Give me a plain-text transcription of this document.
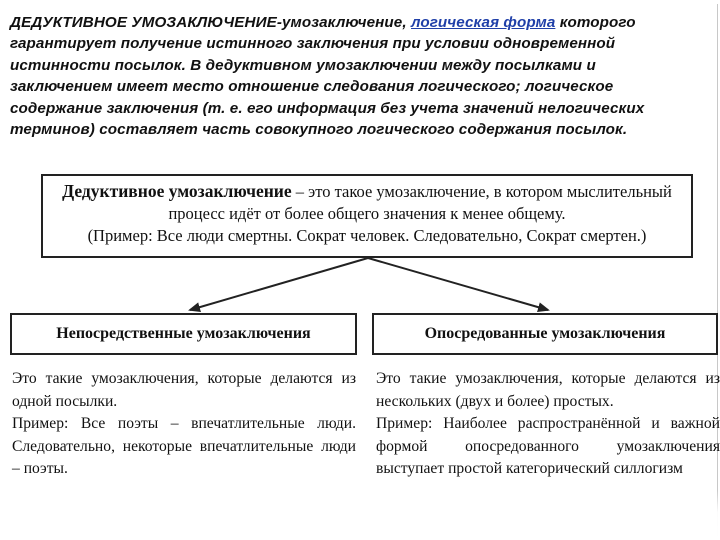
ДЕДУКТИВНОЕ УМОЗАКЛЮЧЕНИЕ-умозаключение, логическая форма которого гарантирует получение истинного заключения при условии одновременной истинности посылок. В дедуктивном умозаключении между посылками и заключением имеет место отношение следования логического; логическое содержание заключения (т. е. его информация без учета значений нелогических терминов) составляет часть совокупного логического содержания посылок.
Дедуктивное умозаключение – это такое умозаключение, в котором мыслительный процесс идёт от более общего значения к менее общему.
(Пример: Все люди смертны. Сократ человек. Следовательно, Сократ смертен.)
Непосредственные умозаключения	Опосредованные умозаключения

Это такие умозаключения, которые делаются из одной посылки.

Пример: Все поэты – впечатлительные люди. Следовательно, некоторые впечатлительные люди – поэты.

Это такие умозаключения, которые делаются из нескольких (двух и более) простых.

Пример: Наиболее распространённой и важной формой опосредованного умозаключения выступает простой категорический силлогизм
